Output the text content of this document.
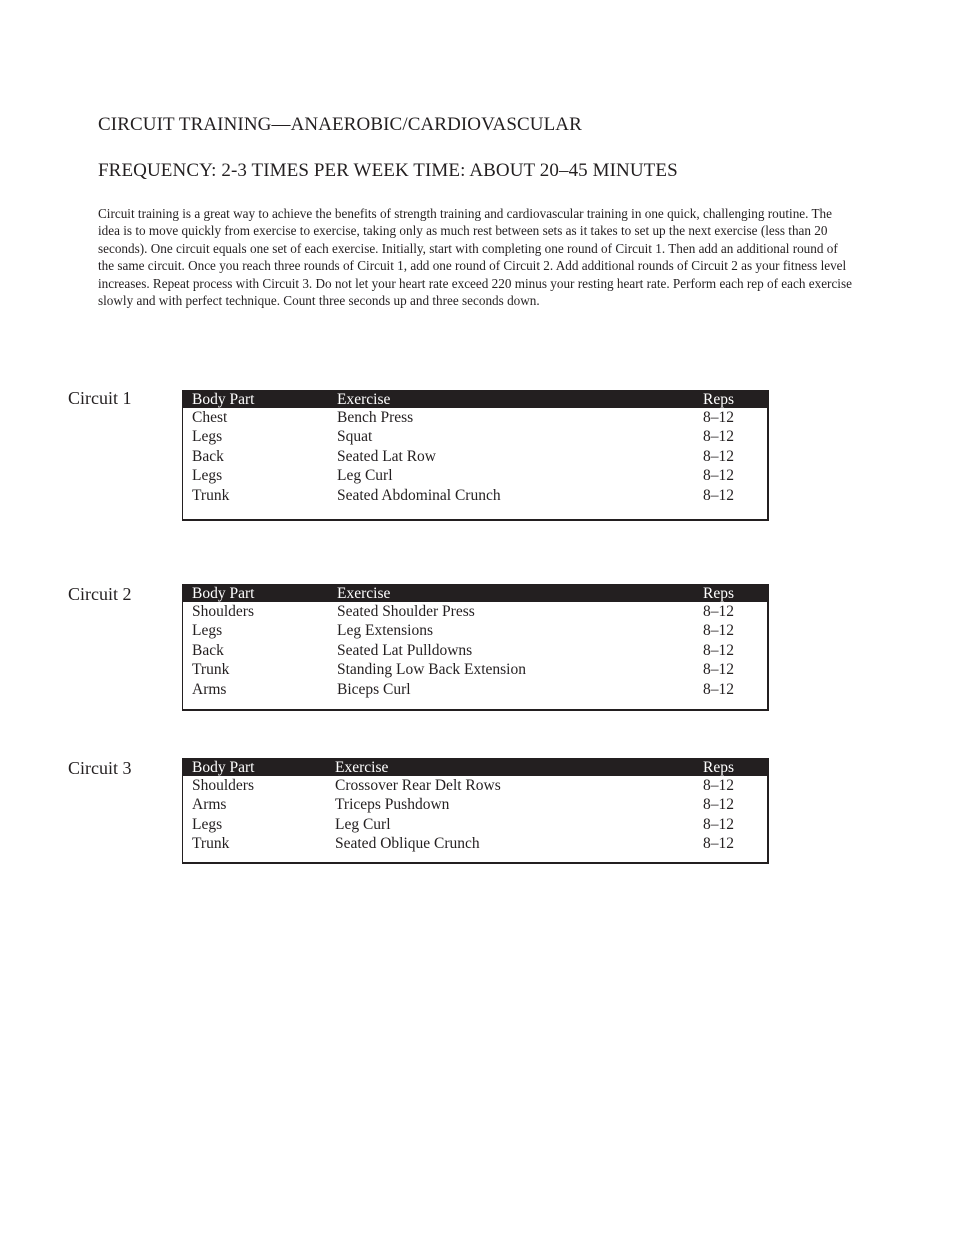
CIRCUIT TRAINING—ANAEROBIC/CARDIOVASCULAR
FREQUENCY: 2-3 TIMES PER WEEK TIME: ABOUT 20–45 MINUTES

Circuit training is a great way to achieve the benefits of strength training and cardiovascular training in one quick, challenging routine. The idea is to move quickly from exercise to exercise, taking only as much rest between sets as it takes to set up the next exercise (less than 20 seconds). One circuit equals one set of each exercise. Initially, start with completing one round of Circuit 1. Then add an additional round of the same circuit. Once you reach three rounds of Circuit 1, add one round of Circuit 2. Add additional rounds of Circuit 2 as your fitness level increases. Repeat process with Circuit 3. Do not let your heart rate exceed 220 minus your resting heart rate. Perform each rep of each exercise slowly and with perfect technique. Count three seconds up and three seconds down.

Circuit 1	Body Part	Exercise	Reps
Chest	Bench Press	8–12
Legs	Squat	8–12
Back	Seated Lat Row	8–12
Legs	Leg Curl	8–12
Trunk	Seated Abdominal Crunch	8–12
Circuit 2	Body Part	Exercise	Reps
Shoulders	Seated Shoulder Press	8–12
Legs	Leg Extensions	8–12
Back	Seated Lat Pulldowns	8–12
Trunk	Standing Low Back Extension	8–12
Arms	Biceps Curl	8–12
Circuit 3	Body Part	Exercise	Reps
Shoulders	Crossover Rear Delt Rows	8–12
Arms	Triceps Pushdown	8–12
Legs	Leg Curl	8–12
Trunk	Seated Oblique Crunch	8–12
